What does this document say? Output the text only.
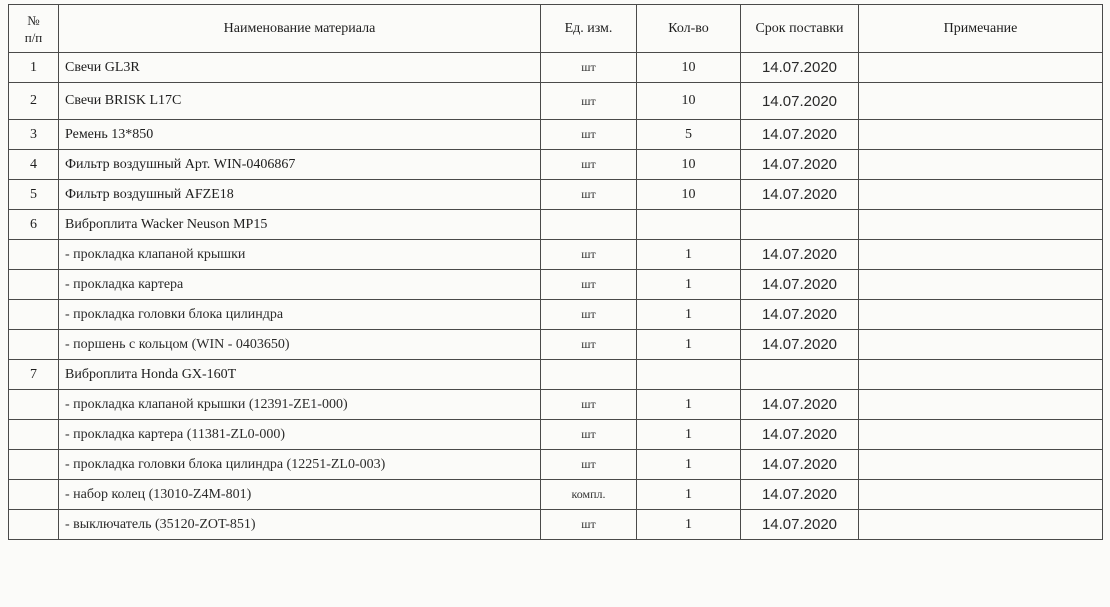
№
п/п	Наименование материала	Ед. изм.	Кол-во	Срок поставки	Примечание
1	Свечи GL3R	шт	10	14.07.2020	
2	Свечи BRISK L17C	шт	10	14.07.2020	
3	Ремень 13*850	шт	5	14.07.2020	
4	Фильтр воздушный Арт. WIN-0406867	шт	10	14.07.2020	
5	Фильтр воздушный AFZE18	шт	10	14.07.2020	
6	Виброплита Wacker Neuson MP15				
	- прокладка клапаной крышки	шт	1	14.07.2020	
	- прокладка картера	шт	1	14.07.2020	
	- прокладка головки блока цилиндра	шт	1	14.07.2020	
	- поршень с кольцом (WIN - 0403650)	шт	1	14.07.2020	
7	Виброплита Honda GX-160T				
	- прокладка клапаной крышки (12391-ZE1-000)	шт	1	14.07.2020	
	- прокладка картера (11381-ZL0-000)	шт	1	14.07.2020	
	- прокладка головки блока цилиндра (12251-ZL0-003)	шт	1	14.07.2020	
	- набор колец (13010-Z4M-801)	компл.	1	14.07.2020	
	- выключатель (35120-ZOT-851)	шт	1	14.07.2020	
